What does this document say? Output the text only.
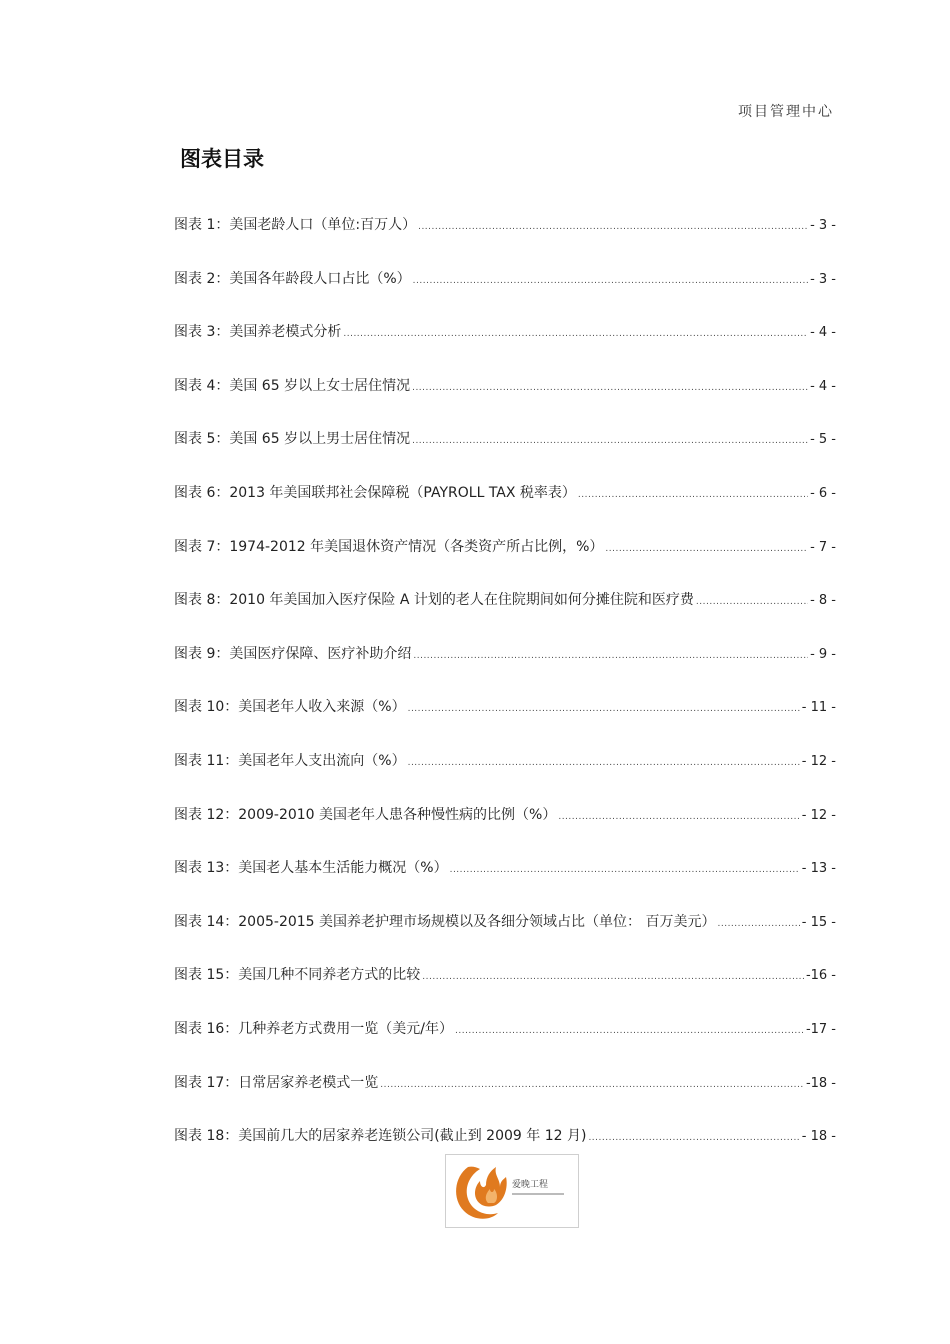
项目管理中心
图表目录
图表 1：美国老龄人口（单位:百万人） .....	- 3 -
图表 2：美国各年龄段人口占比（%） .....	- 3 -
图表 3：美国养老模式分析 .....	- 4 -
图表 4：美国 65 岁以上女士居住情况 .....	- 4 -
图表 5：美国 65 岁以上男士居住情况 .....	- 5 -
图表 6：2013 年美国联邦社会保障税（PAYROLL TAX 税率表） .....	- 6 -
图表 7：1974-2012 年美国退休资产情况（各类资产所占比例，%） .....	- 7 -
图表 8：2010 年美国加入医疗保险 A 计划的老人在住院期间如何分摊住院和医疗费 .....	- 8 -
图表 9：美国医疗保障、医疗补助介绍 .....	- 9 -
图表 10：美国老年人收入来源（%） .....	- 11 -
图表 11：美国老年人支出流向（%） .....	- 12 -
图表 12：2009-2010 美国老年人患各种慢性病的比例（%） .....	- 12 -
图表 13：美国老人基本生活能力概况（%） .....	- 13 -
图表 14：2005-2015 美国养老护理市场规模以及各细分领域占比（单位： 百万美元） .....	- 15 -
图表 15：美国几种不同养老方式的比较 .....	-16 -
图表 16：几种养老方式费用一览（美元/年） .....	-17 -
图表 17：日常居家养老模式一览 .....	-18 -
图表 18：美国前几大的居家养老连锁公司(截止到 2009 年 12 月) .....	- 18 -
爱晚工程
